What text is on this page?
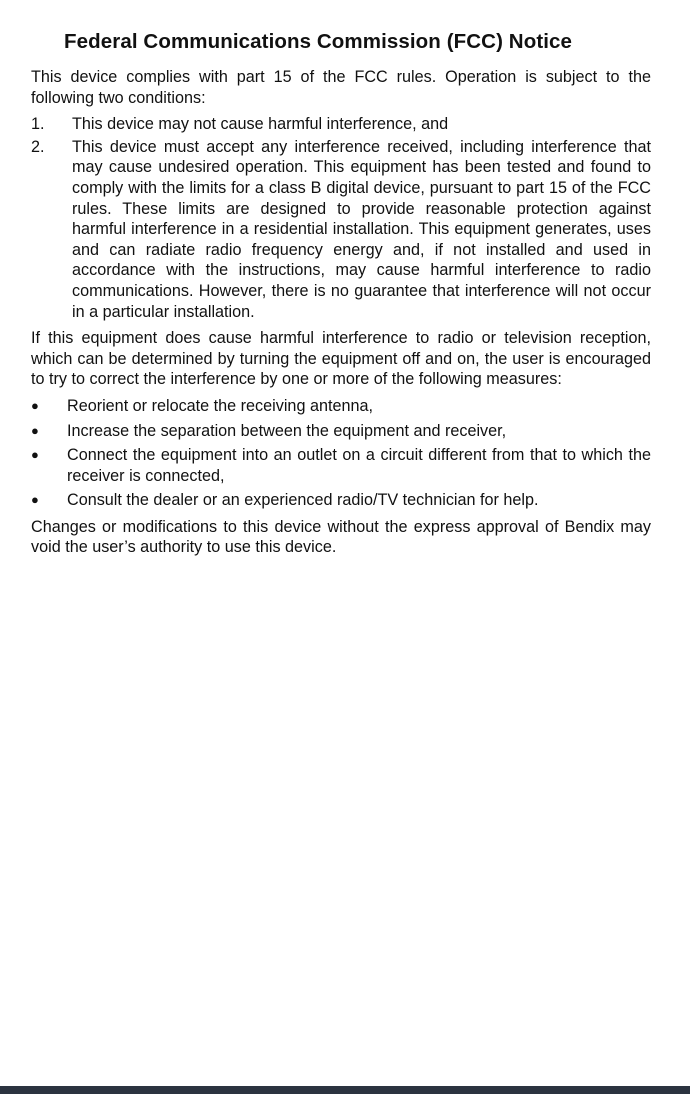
Federal Communications Commission (FCC) Notice

This device complies with part 15 of the FCC rules. Operation is subject to the following two conditions:

1. This device may not cause harmful interference, and
2. This device must accept any interference received, including interference that may cause undesired operation. This equipment has been tested and found to comply with the limits for a class B digital device, pursuant to part 15 of the FCC rules. These limits are designed to provide reasonable protection against harmful interference in a residential installation. This equipment generates, uses and can radiate radio frequency energy and, if not installed and used in accordance with the instructions, may cause harmful interference to radio communications. However, there is no guarantee that interference will not occur in a particular installation.

If this equipment does cause harmful interference to radio or television reception, which can be determined by turning the equipment off and on, the user is encouraged to try to correct the interference by one or more of the following measures:

● Reorient or relocate the receiving antenna,
● Increase the separation between the equipment and receiver,
● Connect the equipment into an outlet on a circuit different from that to which the receiver is connected,
● Consult the dealer or an experienced radio/TV technician for help.

Changes or modifications to this device without the express approval of Bendix may void the user’s authority to use this device.
